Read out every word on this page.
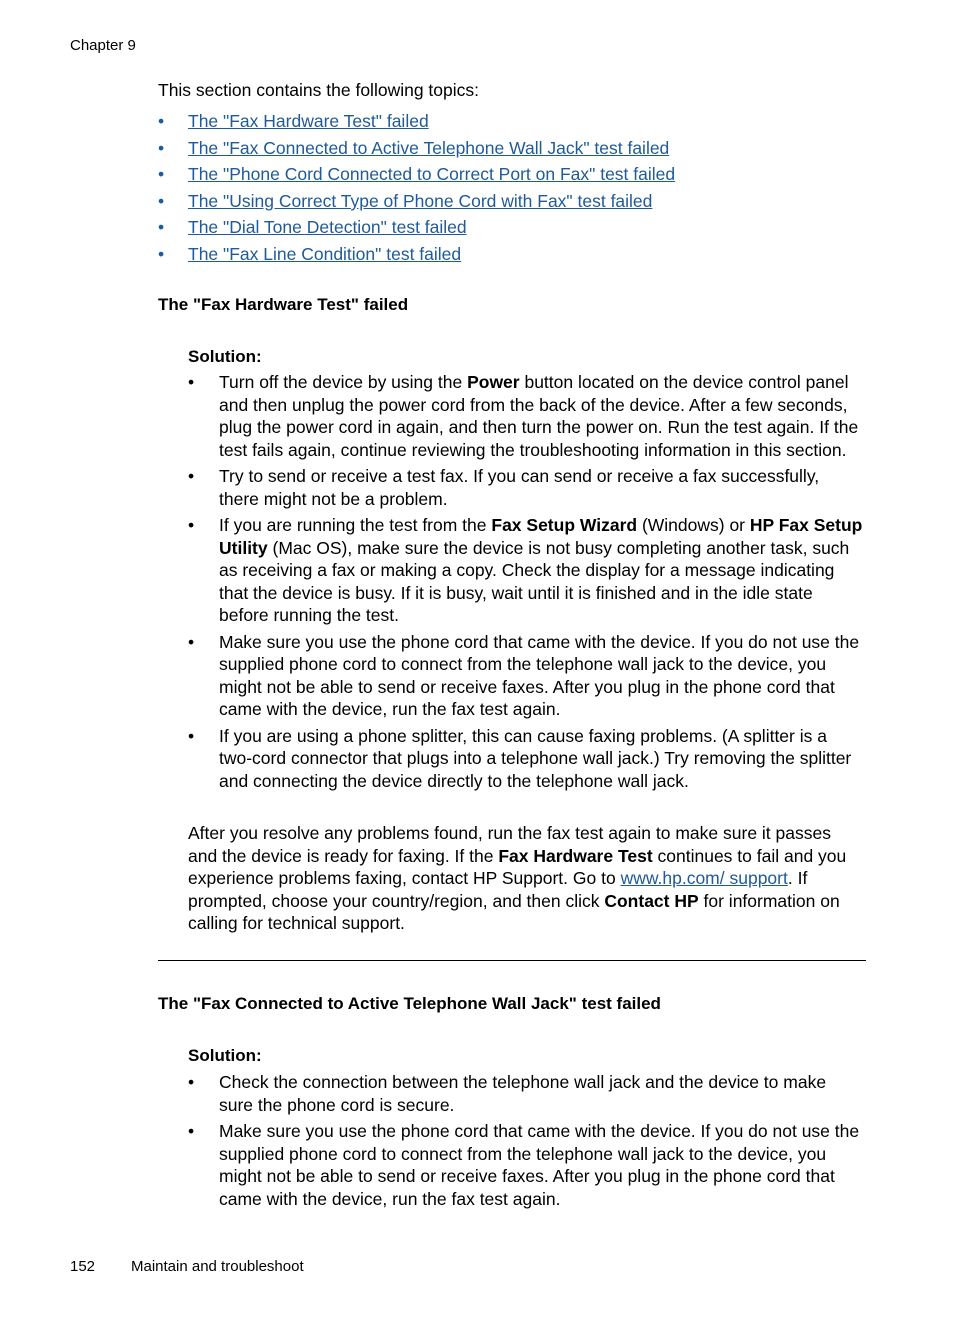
Chapter 9
This section contains the following topics:
• The "Fax Hardware Test" failed
• The "Fax Connected to Active Telephone Wall Jack" test failed
• The "Phone Cord Connected to Correct Port on Fax" test failed
• The "Using Correct Type of Phone Cord with Fax" test failed
• The "Dial Tone Detection" test failed
• The "Fax Line Condition" test failed
The "Fax Hardware Test" failed
Solution:
• Turn off the device by using the Power button located on the device control panel and then unplug the power cord from the back of the device. After a few seconds, plug the power cord in again, and then turn the power on. Run the test again. If the test fails again, continue reviewing the troubleshooting information in this section.
• Try to send or receive a test fax. If you can send or receive a fax successfully, there might not be a problem.
• If you are running the test from the Fax Setup Wizard (Windows) or HP Fax Setup Utility (Mac OS), make sure the device is not busy completing another task, such as receiving a fax or making a copy. Check the display for a message indicating that the device is busy. If it is busy, wait until it is finished and in the idle state before running the test.
• Make sure you use the phone cord that came with the device. If you do not use the supplied phone cord to connect from the telephone wall jack to the device, you might not be able to send or receive faxes. After you plug in the phone cord that came with the device, run the fax test again.
• If you are using a phone splitter, this can cause faxing problems. (A splitter is a two-cord connector that plugs into a telephone wall jack.) Try removing the splitter and connecting the device directly to the telephone wall jack.
After you resolve any problems found, run the fax test again to make sure it passes and the device is ready for faxing. If the Fax Hardware Test continues to fail and you experience problems faxing, contact HP Support. Go to www.hp.com/ support. If prompted, choose your country/region, and then click Contact HP for information on calling for technical support.
The "Fax Connected to Active Telephone Wall Jack" test failed
Solution:
• Check the connection between the telephone wall jack and the device to make sure the phone cord is secure.
• Make sure you use the phone cord that came with the device. If you do not use the supplied phone cord to connect from the telephone wall jack to the device, you might not be able to send or receive faxes. After you plug in the phone cord that came with the device, run the fax test again.
152 Maintain and troubleshoot
